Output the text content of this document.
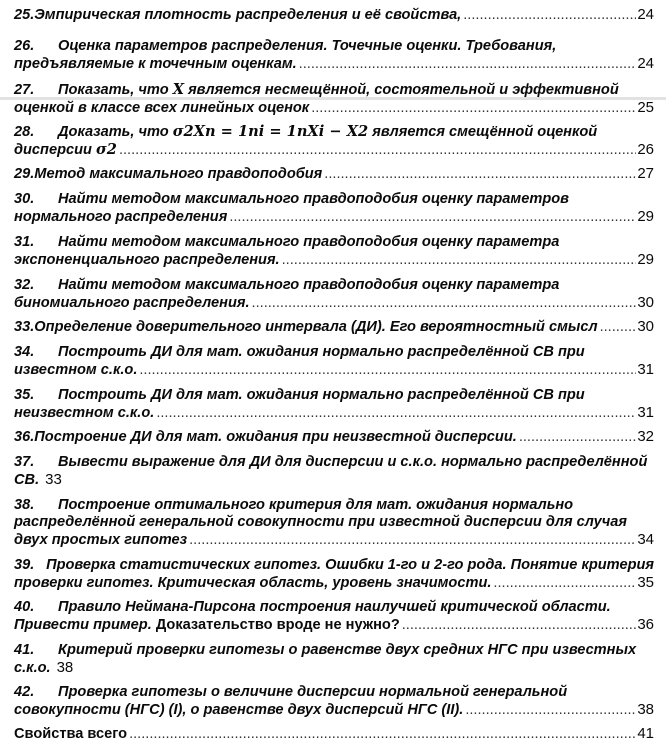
25. Эмпирическая плотность распределения и её свойства, .....	24
26.	Оценка параметров распределения. Точечные оценки. Требования,
предъявляемые к точечным оценкам. .....	24
27.	Показать, что
X
является несмещённой, состоятельной и эффективной
оценкой в классе всех линейных оценок .....	25
28.	Доказать, что
σ2Xn = 1ni = 1nXi − X2
является смещённой оценкой
дисперсии
σ2 .....	26
29. Метод максимального правдоподобия .....	27
30.	Найти методом максимального правдоподобия оценку параметров
нормального распределения .....	29
31.	Найти методом максимального правдоподобия оценку параметра
экспоненциального распределения. .....	29
32.	Найти методом максимального правдоподобия оценку параметра
биномиального распределения. .....	30
33. Определение доверительного интервала (ДИ). Его вероятностный смысл .....	30
34.	Построить ДИ для мат. ожидания нормально распределённой СВ при
известном с.к.о. .....	31
35.	Построить ДИ для мат. ожидания нормально распределённой СВ при
неизвестном с.к.о. .....	31
36. Построение ДИ для мат. ожидания при неизвестной дисперсии. .....	32
37.	Вывести выражение для ДИ для дисперсии и с.к.о. нормально распределённой
СВ. 33
38.	Построение оптимального критерия для мат. ожидания нормально
распределённой генеральной совокупности при известной дисперсии для случая
двух простых гипотез .....	34
39. Проверка статистических гипотез. Ошибки 1-го и 2-го рода. Понятие критерия
проверки гипотез. Критическая область, уровень значимости. .....	35
40.	Правило Неймана-Пирсона построения наилучшей критической области.
Привести пример.
Доказательство вроде не нужно? .....	36
41.	Критерий проверки гипотезы о равенстве двух средних НГС при известных
с.к.о. 38
42.	Проверка гипотезы о величине дисперсии нормальной генеральной
совокупности (НГС) (I), о равенстве двух дисперсий НГС (II). .....	38
Свойства всего .....	41
